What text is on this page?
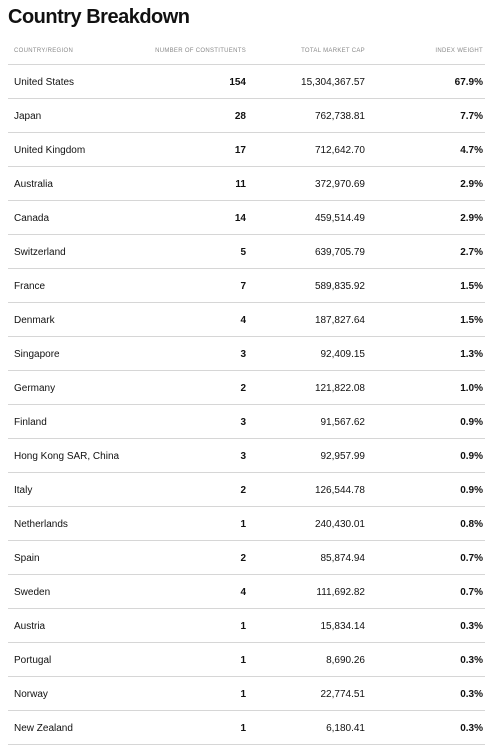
Country Breakdown
COUNTRY/REGION	NUMBER OF CONSTITUENTS	TOTAL MARKET CAP	INDEX WEIGHT
United States	154	15,304,367.57	67.9%
Japan	28	762,738.81	7.7%
United Kingdom	17	712,642.70	4.7%
Australia	11	372,970.69	2.9%
Canada	14	459,514.49	2.9%
Switzerland	5	639,705.79	2.7%
France	7	589,835.92	1.5%
Denmark	4	187,827.64	1.5%
Singapore	3	92,409.15	1.3%
Germany	2	121,822.08	1.0%
Finland	3	91,567.62	0.9%
Hong Kong SAR, China	3	92,957.99	0.9%
Italy	2	126,544.78	0.9%
Netherlands	1	240,430.01	0.8%
Spain	2	85,874.94	0.7%
Sweden	4	111,692.82	0.7%
Austria	1	15,834.14	0.3%
Portugal	1	8,690.26	0.3%
Norway	1	22,774.51	0.3%
New Zealand	1	6,180.41	0.3%
